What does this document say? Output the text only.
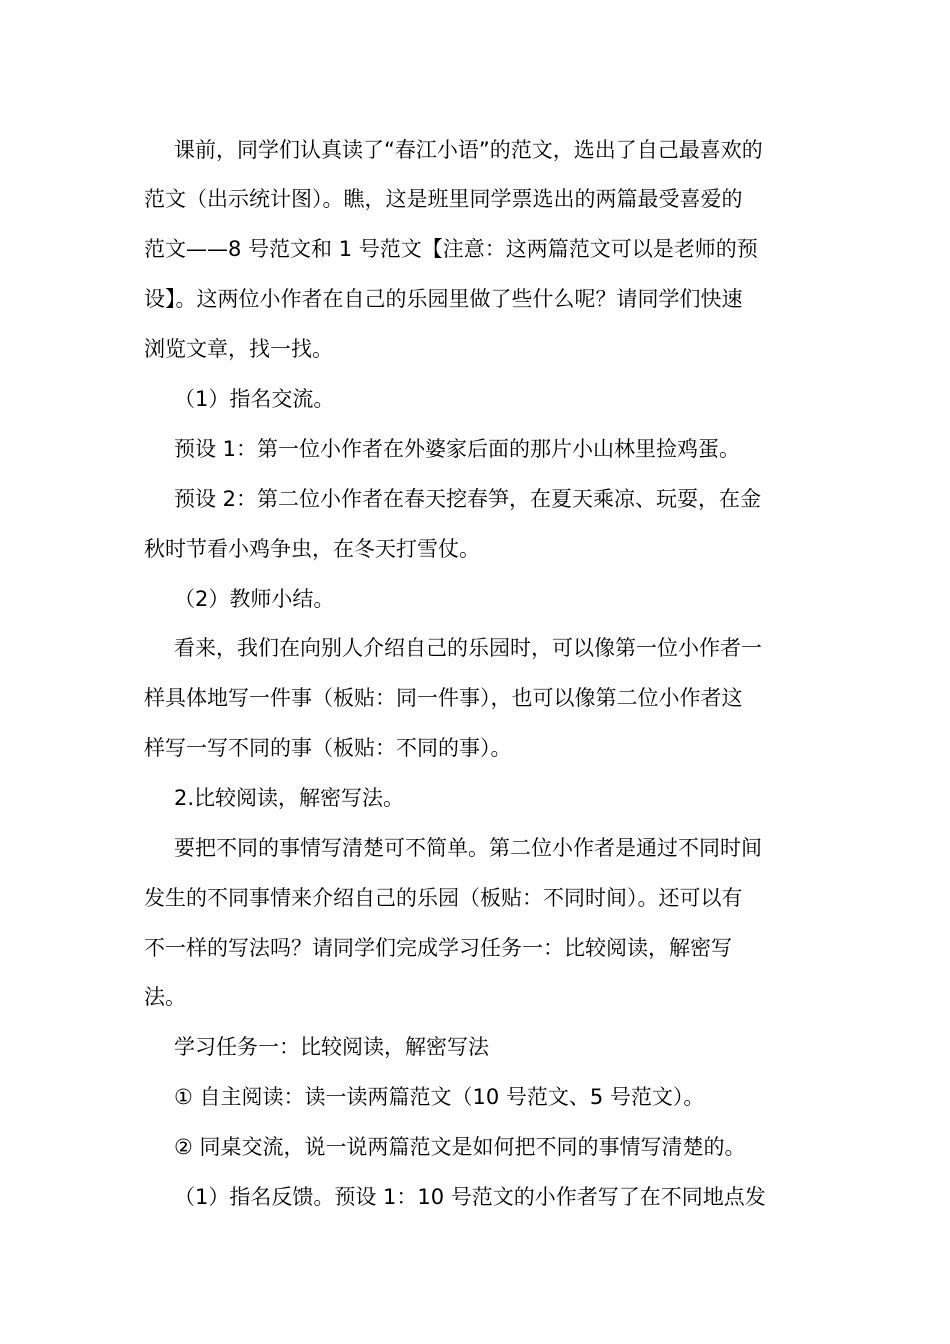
课前，同学们认真读了“春江小语”的范文，选出了自己最喜欢的
范文（出示统计图）。瞧，这是班里同学票选出的两篇最受喜爱的
范文——8 号范文和 1 号范文【注意：这两篇范文可以是老师的预
设】。这两位小作者在自己的乐园里做了些什么呢？请同学们快速
浏览文章，找一找。
（1）指名交流。
预设 1：第一位小作者在外婆家后面的那片小山林里捡鸡蛋。
预设 2：第二位小作者在春天挖春笋，在夏天乘凉、玩耍，在金
秋时节看小鸡争虫，在冬天打雪仗。
（2）教师小结。
看来，我们在向别人介绍自己的乐园时，可以像第一位小作者一
样具体地写一件事（板贴：同一件事），也可以像第二位小作者这
样写一写不同的事（板贴：不同的事）。
2.比较阅读，解密写法。
要把不同的事情写清楚可不简单。第二位小作者是通过不同时间
发生的不同事情来介绍自己的乐园（板贴：不同时间）。还可以有
不一样的写法吗？请同学们完成学习任务一：比较阅读，解密写
法。
学习任务一：比较阅读，解密写法
① 自主阅读：读一读两篇范文（10 号范文、5 号范文）。
② 同桌交流，说一说两篇范文是如何把不同的事情写清楚的。
（1）指名反馈。预设 1：10 号范文的小作者写了在不同地点发
